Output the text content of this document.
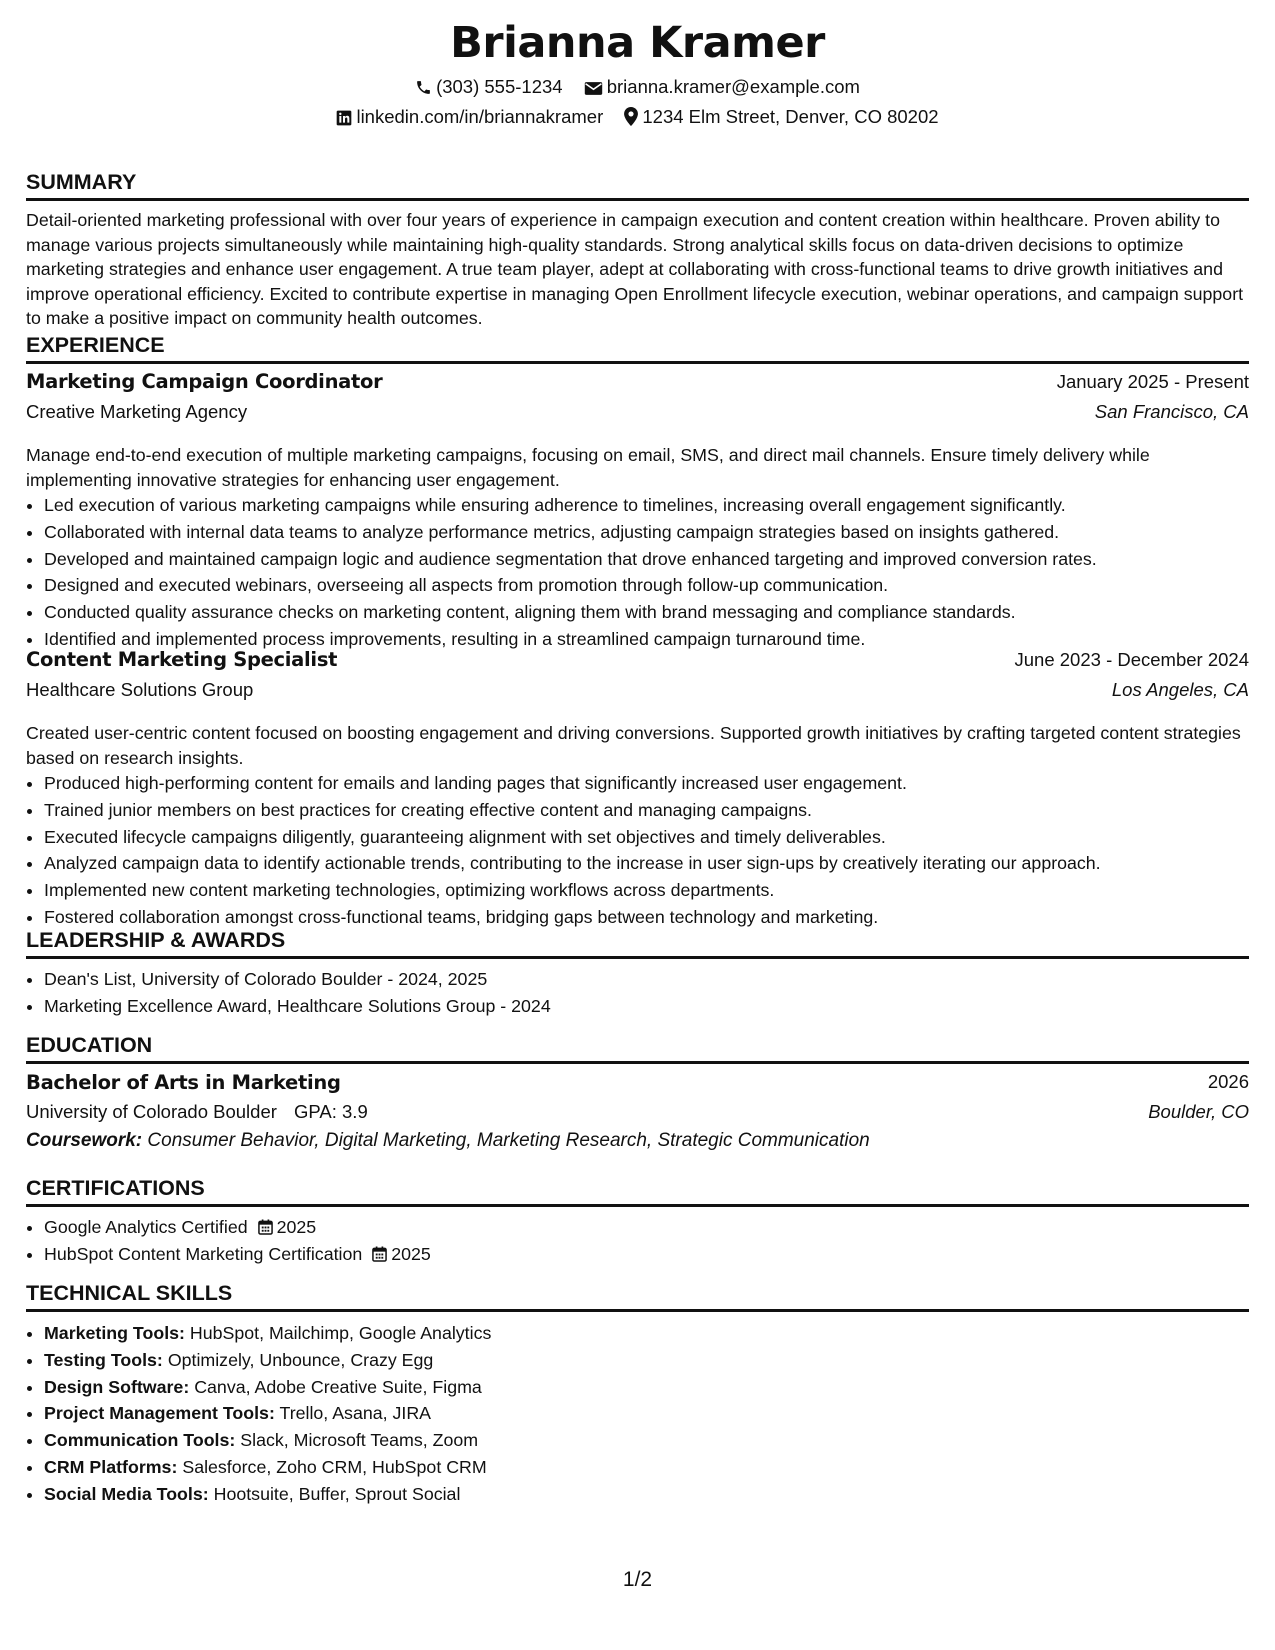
Brianna Kramer
(303) 555-1234 brianna.kramer@example.com
linkedin.com/in/briannakramer 1234 Elm Street, Denver, CO 80202
SUMMARY
Detail-oriented marketing professional with over four years of experience in campaign execution and content creation within healthcare. Proven ability to manage various projects simultaneously while maintaining high-quality standards. Strong analytical skills focus on data-driven decisions to optimize marketing strategies and enhance user engagement. A true team player, adept at collaborating with cross-functional teams to drive growth initiatives and improve operational efficiency. Excited to contribute expertise in managing Open Enrollment lifecycle execution, webinar operations, and campaign support to make a positive impact on community health outcomes.
EXPERIENCE
Marketing Campaign Coordinator	January 2025 - Present
Creative Marketing Agency	San Francisco, CA
Manage end-to-end execution of multiple marketing campaigns, focusing on email, SMS, and direct mail channels. Ensure timely delivery while implementing innovative strategies for enhancing user engagement.
• Led execution of various marketing campaigns while ensuring adherence to timelines, increasing overall engagement significantly.
• Collaborated with internal data teams to analyze performance metrics, adjusting campaign strategies based on insights gathered.
• Developed and maintained campaign logic and audience segmentation that drove enhanced targeting and improved conversion rates.
• Designed and executed webinars, overseeing all aspects from promotion through follow-up communication.
• Conducted quality assurance checks on marketing content, aligning them with brand messaging and compliance standards.
• Identified and implemented process improvements, resulting in a streamlined campaign turnaround time.
Content Marketing Specialist	June 2023 - December 2024
Healthcare Solutions Group	Los Angeles, CA
Created user-centric content focused on boosting engagement and driving conversions. Supported growth initiatives by crafting targeted content strategies based on research insights.
• Produced high-performing content for emails and landing pages that significantly increased user engagement.
• Trained junior members on best practices for creating effective content and managing campaigns.
• Executed lifecycle campaigns diligently, guaranteeing alignment with set objectives and timely deliverables.
• Analyzed campaign data to identify actionable trends, contributing to the increase in user sign-ups by creatively iterating our approach.
• Implemented new content marketing technologies, optimizing workflows across departments.
• Fostered collaboration amongst cross-functional teams, bridging gaps between technology and marketing.
LEADERSHIP & AWARDS
• Dean's List, University of Colorado Boulder - 2024, 2025
• Marketing Excellence Award, Healthcare Solutions Group - 2024
EDUCATION
Bachelor of Arts in Marketing	2026
University of Colorado Boulder GPA: 3.9	Boulder, CO
Coursework: Consumer Behavior, Digital Marketing, Marketing Research, Strategic Communication
CERTIFICATIONS
• Google Analytics Certified 2025
• HubSpot Content Marketing Certification 2025
TECHNICAL SKILLS
• Marketing Tools: HubSpot, Mailchimp, Google Analytics
• Testing Tools: Optimizely, Unbounce, Crazy Egg
• Design Software: Canva, Adobe Creative Suite, Figma
• Project Management Tools: Trello, Asana, JIRA
• Communication Tools: Slack, Microsoft Teams, Zoom
• CRM Platforms: Salesforce, Zoho CRM, HubSpot CRM
• Social Media Tools: Hootsuite, Buffer, Sprout Social
1/2
